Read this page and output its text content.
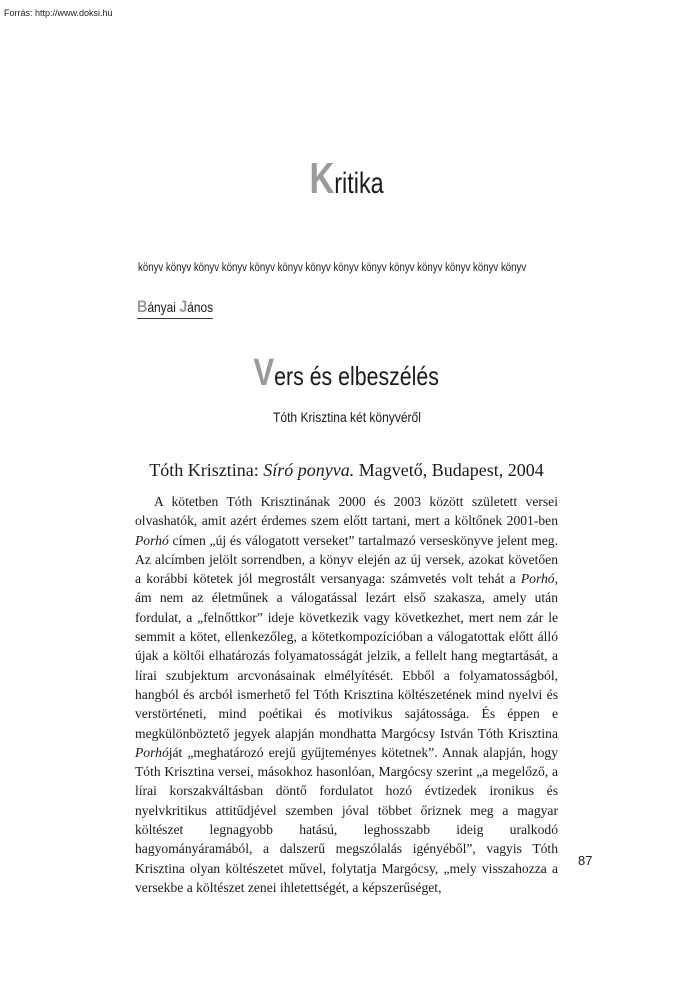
Forrás: http://www.doksi.hu
Kritika
könyv könyv könyv könyv könyv könyv könyv könyv könyv könyv könyv könyv könyv könyv
Bányai János
Vers és elbeszélés
Tóth Krisztina két könyvéről
Tóth Krisztina: Síró ponyva. Magvető, Budapest, 2004

A kötetben Tóth Krisztinának 2000 és 2003 között született versei olvashatók, amit azért érdemes szem előtt tartani, mert a költőnek 2001-ben Porhó címen „új és válogatott verseket” tartalmazó verseskönyve jelent meg. Az alcímben jelölt sorrendben, a könyv elején az új versek, azokat követően a korábbi kötetek jól megrostált versanyaga: számvetés volt tehát a Porhó, ám nem az életműnek a válogatással lezárt első szakasza, amely után fordulat, a „felnőttkor” ideje következik vagy következhet, mert nem zár le semmit a kötet, ellenkezőleg, a kötetkompozícióban a válogatottak előtt álló újak a költői elhatározás folyamatosságát jelzik, a fellelt hang megtartását, a lírai szubjektum arcvonásainak elmélyítését. Ebből a folyamatosságból, hangból és arcból ismerhető fel Tóth Krisztina költészetének mind nyelvi és verstörténeti, mind poétikai és motivikus sajátossága. És éppen e megkülönböztető jegyek alapján mondhatta Margócsy István Tóth Krisztina Porhóját „meghatározó erejű gyűjteményes kötetnek”. Annak alapján, hogy Tóth Krisztina versei, másokhoz hasonlóan, Margócsy szerint „a megelőző, a lírai korszakváltásban döntő fordulatot hozó évtizedek ironikus és nyelvkritikus attitűdjével szemben jóval többet őriznek meg a magyar költészet legnagyobb hatású, leghosszabb ideig uralkodó hagyományáramából, a dalszerű megszólalás igényéből”, vagyis Tóth Krisztina olyan költészetet művel, folytatja Margócsy, „mely visszahozza a versekbe a költészet zenei ihletettségét, a képszerűséget,

87
